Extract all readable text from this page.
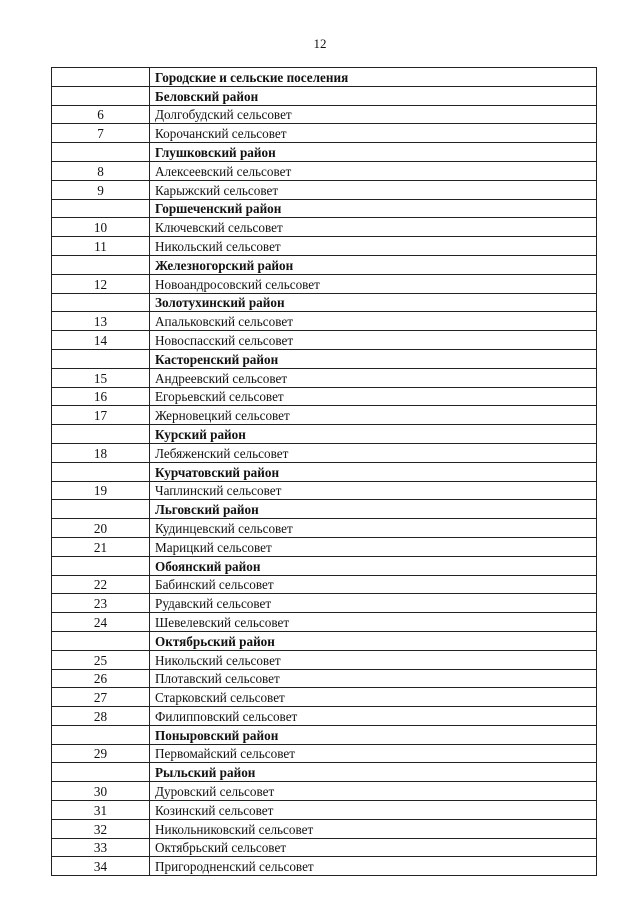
12
	Городские и сельские поселения
	Беловский район
6	Долгобудский сельсовет
7	Корочанский сельсовет
	Глушковский район
8	Алексеевский сельсовет
9	Карыжский сельсовет
	Горшеченский район
10	Ключевский сельсовет
11	Никольский сельсовет
	Железногорский район
12	Новоандросовский сельсовет
	Золотухинский район
13	Апальковский сельсовет
14	Новоспасский сельсовет
	Касторенский район
15	Андреевский сельсовет
16	Егорьевский сельсовет
17	Жерновецкий сельсовет
	Курский район
18	Лебяженский сельсовет
	Курчатовский район
19	Чаплинский сельсовет
	Льговский район
20	Кудинцевский сельсовет
21	Марицкий сельсовет
	Обоянский район
22	Бабинский сельсовет
23	Рудавский сельсовет
24	Шевелевский сельсовет
	Октябрьский район
25	Никольский сельсовет
26	Плотавский сельсовет
27	Старковский сельсовет
28	Филипповский сельсовет
	Поныровский район
29	Первомайский сельсовет
	Рыльский район
30	Дуровский сельсовет
31	Козинский сельсовет
32	Никольниковский сельсовет
33	Октябрьский сельсовет
34	Пригородненский сельсовет
